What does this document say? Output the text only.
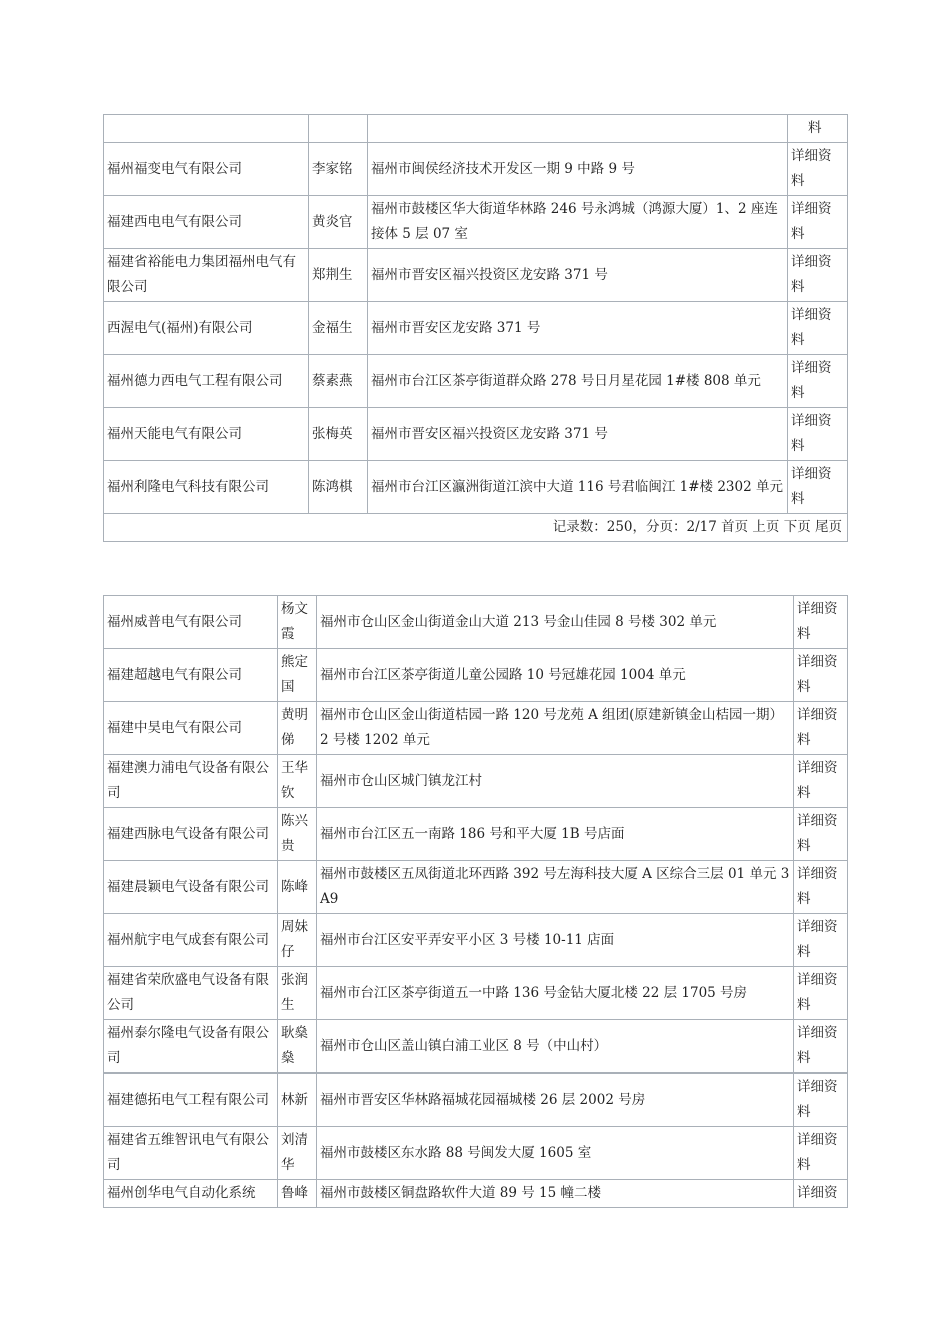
			料
福州福变电气有限公司	李家铭	福州市闽侯经济技术开发区一期 9 中路 9 号	详细资料
福建西电电气有限公司	黄炎官	福州市鼓楼区华大街道华林路 246 号永鸿城（鸿源大厦）1、2 座连接体 5 层 07 室	详细资料
福建省裕能电力集团福州电气有限公司	郑荆生	福州市晋安区福兴投资区龙安路 371 号	详细资料
西渥电气(福州)有限公司	金福生	福州市晋安区龙安路 371 号	详细资料
福州德力西电气工程有限公司	蔡素燕	福州市台江区茶亭街道群众路 278 号日月星花园 1#楼 808 单元	详细资料
福州天能电气有限公司	张梅英	福州市晋安区福兴投资区龙安路 371 号	详细资料
福州利隆电气科技有限公司	陈鸿棋	福州市台江区瀛洲街道江滨中大道 116 号君临闽江 1#楼 2302 单元	详细资料
记录数：250，分页：2/17 首页 上页 下页 尾页			
福州威普电气有限公司	杨文霞	福州市仓山区金山街道金山大道 213 号金山佳园 8 号楼 302 单元	详细资料
福建超越电气有限公司	熊定国	福州市台江区茶亭街道儿童公园路 10 号冠雄花园 1004 单元	详细资料
福建中昊电气有限公司	黄明俤	福州市仓山区金山街道桔园一路 120 号龙苑 A 组团(原建新镇金山桔园一期）2 号楼 1202 单元	详细资料
福建澳力浦电气设备有限公司	王华钦	福州市仓山区城门镇龙江村	详细资料
福建西脉电气设备有限公司	陈兴贵	福州市台江区五一南路 186 号和平大厦 1B 号店面	详细资料
福建晨颖电气设备有限公司	陈峰	福州市鼓楼区五凤街道北环西路 392 号左海科技大厦 A 区综合三层 01 单元 3A9	详细资料
福州航宇电气成套有限公司	周妹仔	福州市台江区安平弄安平小区 3 号楼 10-11 店面	详细资料
福建省荣欣盛电气设备有限公司	张润生	福州市台江区茶亭街道五一中路 136 号金钻大厦北楼 22 层 1705 号房	详细资料
福州泰尔隆电气设备有限公司	耿燊燊	福州市仓山区盖山镇白浦工业区 8 号（中山村）	详细资料
福建德拓电气工程有限公司	林新	福州市晋安区华林路福城花园福城楼 26 层 2002 号房	详细资料
福建省五维智讯电气有限公司	刘清华	福州市鼓楼区东水路 88 号闽发大厦 1605 室	详细资料
福州创华电气自动化系统	鲁峰	福州市鼓楼区铜盘路软件大道 89 号 15 幢二楼	详细资
